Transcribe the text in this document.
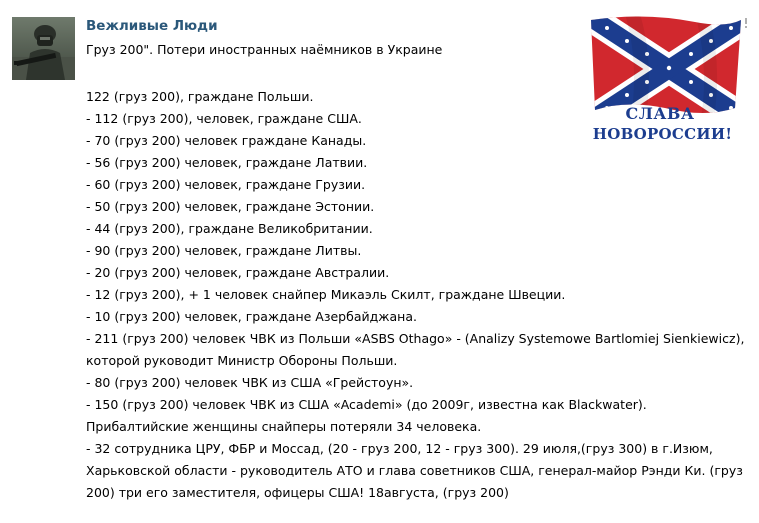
Вежливые Люди
Груз 200". Потери иностранных наёмников в Украине
122 (груз 200), граждане Польши.
- 112 (груз 200), человек, граждане США.
- 70 (груз 200) человек граждане Канады.
- 56 (груз 200) человек, граждане Латвии.
- 60 (груз 200) человек, граждане Грузии.
- 50 (груз 200) человек, граждане Эстонии.
- 44 (груз 200), граждане Великобритании.
- 90 (груз 200) человек, граждане Литвы.
- 20 (груз 200) человек, граждане Австралии.
- 12 (груз 200), + 1 человек снайпер Микаэль Скилт, граждане Швеции.
- 10 (груз 200) человек, граждане Азербайджана.
- 211 (груз 200) человек ЧВК из Польши «ASBS Othago» - (Analizy Systemowe Bartlomiej Sienkiewicz),
которой руководит Министр Обороны Польши.
- 80 (груз 200) человек ЧВК из США «Грейстоун».
- 150 (груз 200) человек ЧВК из США «Academi» (до 2009г, известна как Blackwater).
Прибалтийские женщины снайперы потеряли 34 человека.
- 32 сотрудника ЦРУ, ФБР и Моссад, (20 - груз 200, 12 - груз 300). 29 июля,(груз 300) в г.Изюм,
Харьковской области - руководитель АТО и глава советников США, генерал-майор Рэнди Ки. (груз
200) три его заместителя, офицеры США! 18августа, (груз 200)
СЛАВА
НОВОРОССИИ!
